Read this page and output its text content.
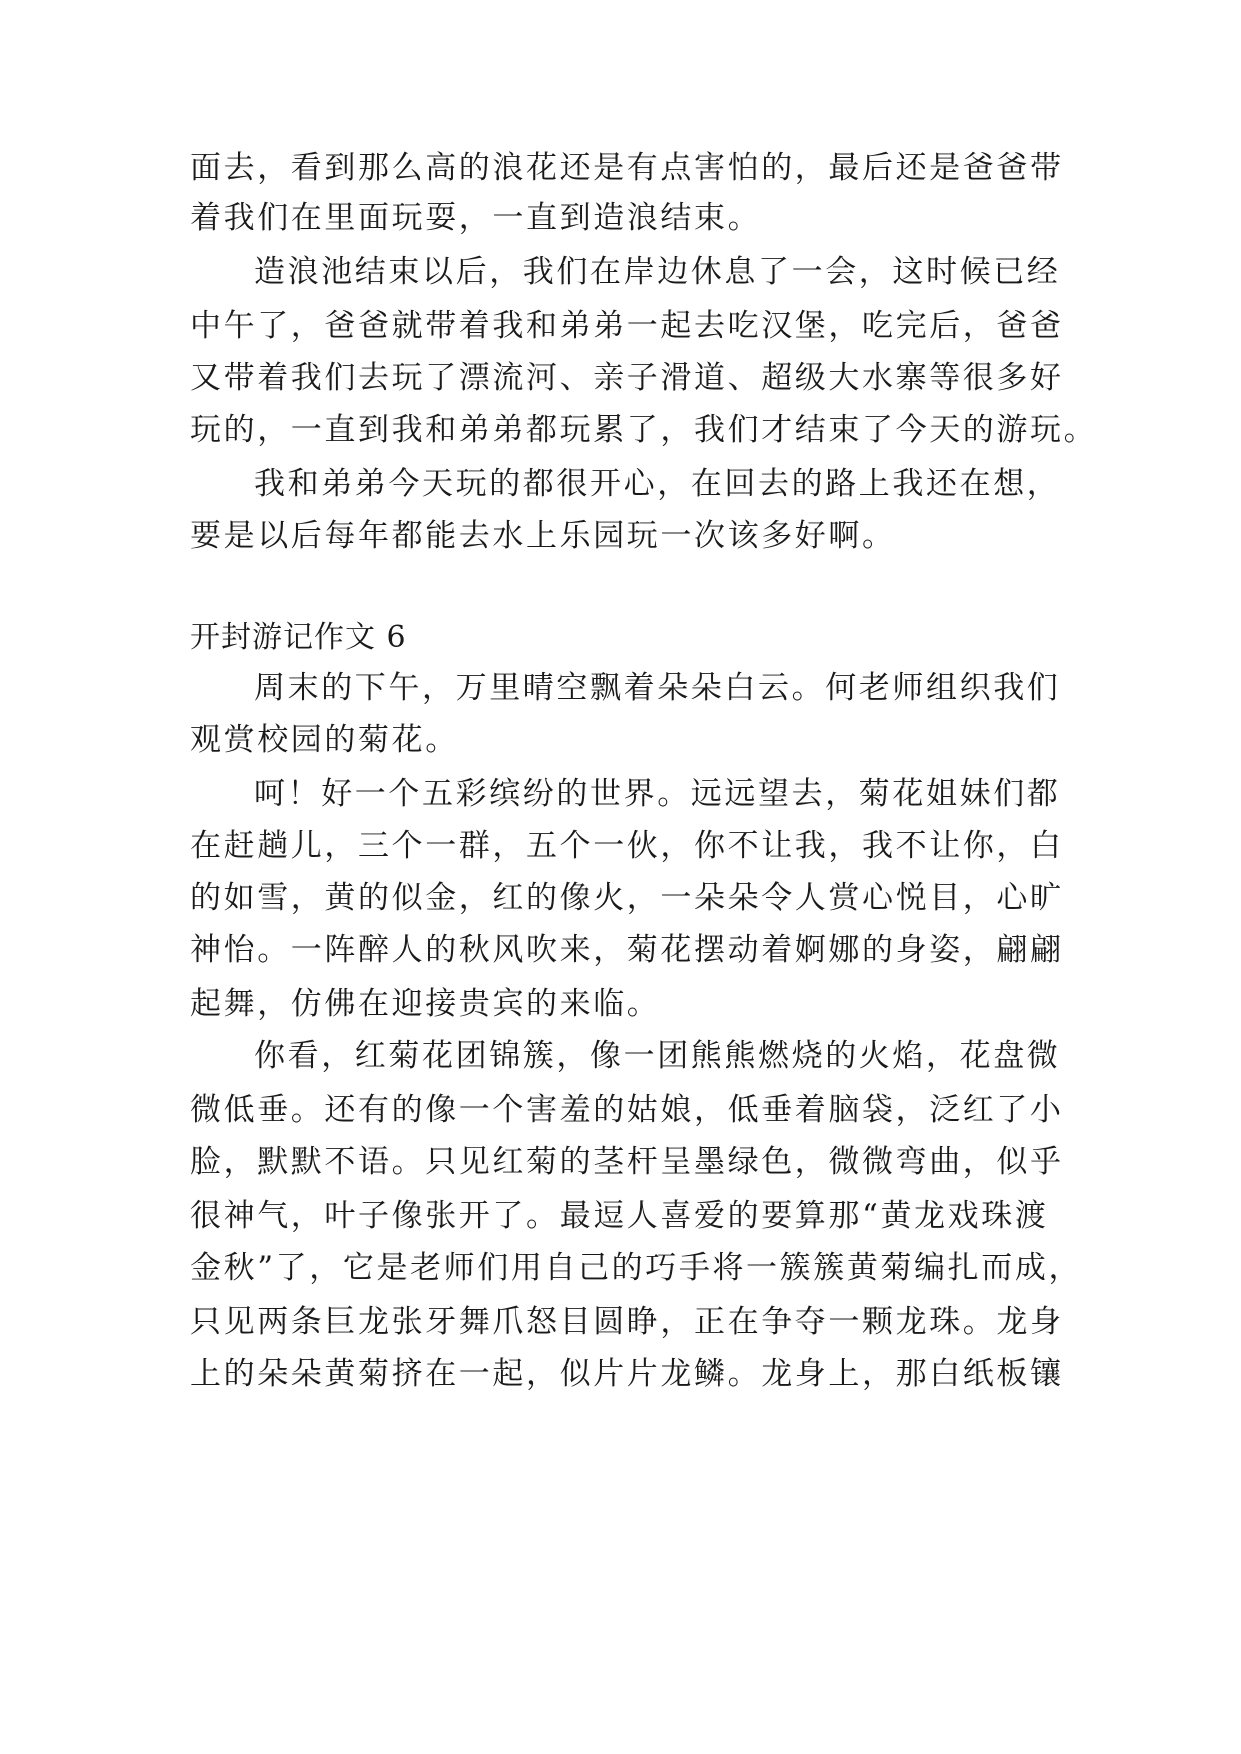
面去，看到那么高的浪花还是有点害怕的，最后还是爸爸带
着我们在里面玩耍，一直到造浪结束。
造浪池结束以后，我们在岸边休息了一会，这时候已经
中午了，爸爸就带着我和弟弟一起去吃汉堡，吃完后，爸爸
又带着我们去玩了漂流河、亲子滑道、超级大水寨等很多好
玩的，一直到我和弟弟都玩累了，我们才结束了今天的游玩。
我和弟弟今天玩的都很开心，在回去的路上我还在想，
要是以后每年都能去水上乐园玩一次该多好啊。
开封游记作文 6
周末的下午，万里晴空飘着朵朵白云。何老师组织我们
观赏校园的菊花。
呵！好一个五彩缤纷的世界。远远望去，菊花姐妹们都
在赶趟儿，三个一群，五个一伙，你不让我，我不让你，白
的如雪，黄的似金，红的像火，一朵朵令人赏心悦目，心旷
神怡。一阵醉人的秋风吹来，菊花摆动着婀娜的身姿，翩翩
起舞，仿佛在迎接贵宾的来临。
你看，红菊花团锦簇，像一团熊熊燃烧的火焰，花盘微
微低垂。还有的像一个害羞的姑娘，低垂着脑袋，泛红了小
脸，默默不语。只见红菊的茎杆呈墨绿色，微微弯曲，似乎
很神气，叶子像张开了。最逗人喜爱的要算那“黄龙戏珠渡
金秋”了，它是老师们用自己的巧手将一簇簇黄菊编扎而成，
只见两条巨龙张牙舞爪怒目圆睁，正在争夺一颗龙珠。龙身
上的朵朵黄菊挤在一起，似片片龙鳞。龙身上，那白纸板镶
